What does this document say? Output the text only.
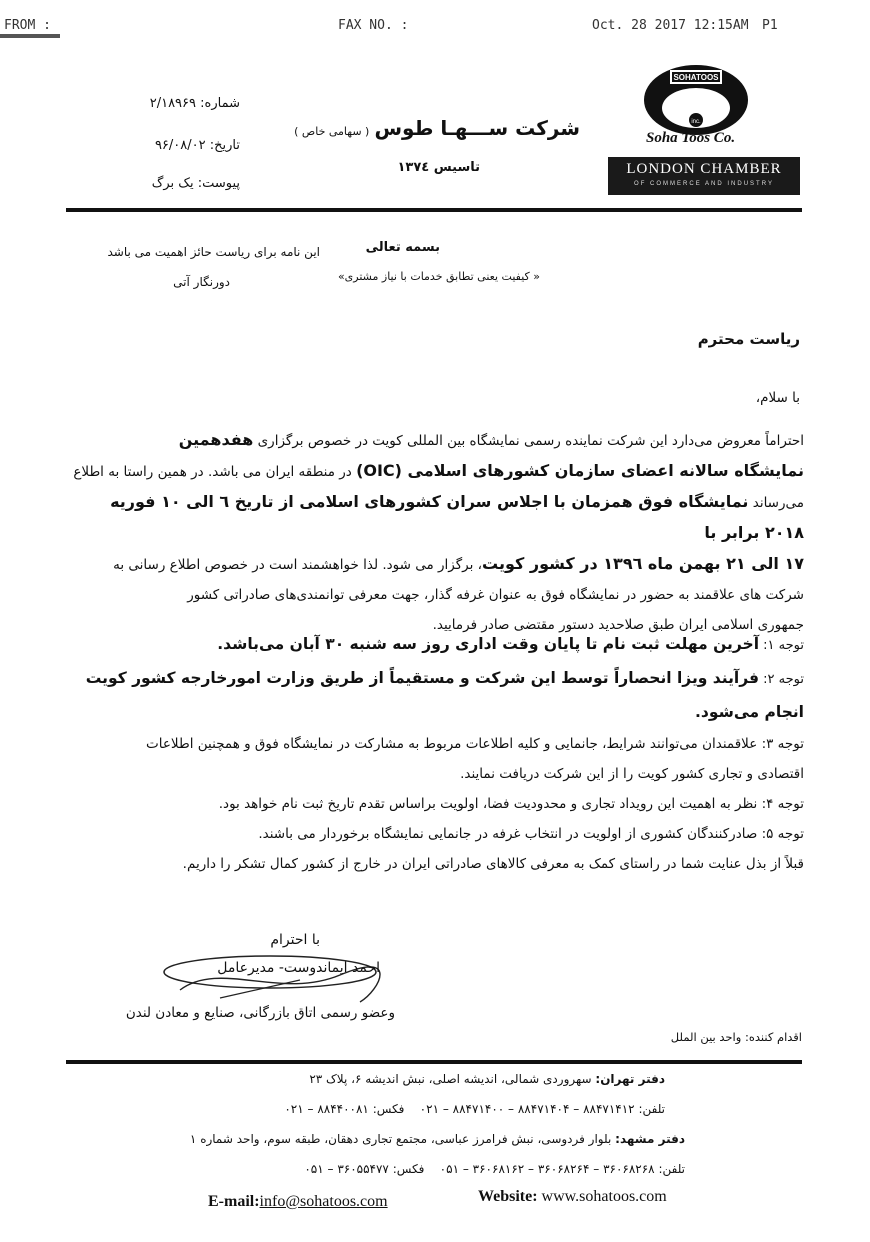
FROM :	FAX NO. :	Oct. 28 2017 12:15AM P1
SOHATOOS
inc.
Soha Toos Co.
LONDON CHAMBER
OF COMMERCE AND INDUSTRY
شرکت ســـهـا طوس ( سهامی خاص )
تاسیس ۱۳۷٤
شماره: ۲/۱۸۹۶۹
تاریخ: ۹۶/۰۸/۰۲
پیوست: یک برگ
بسمه تعالی
« کیفیت یعنی تطابق خدمات با نیاز مشتری»
این نامه برای ریاست حائز اهمیت می باشد
دورنگار آتی
ریاست محترم
با سلام،
احتراماً معروض می‌دارد این شرکت نماینده رسمی نمایشگاه بین المللی کویت در خصوص برگزاری هفدهمین
نمایشگاه سالانه اعضای سازمان کشورهای اسلامی (OIC) در منطقه ایران می باشد. در همین راستا به اطلاع
می‌رساند نمایشگاه فوق همزمان با اجلاس سران کشورهای اسلامی از تاریخ ٦ الی ۱۰ فوریه ۲۰۱۸ برابر با
۱۷ الی ۲۱ بهمن ماه ۱۳۹٦ در کشور کویت، برگزار می شود. لذا خواهشمند است در خصوص اطلاع رسانی به
شرکت های علاقمند به حضور در نمایشگاه فوق به عنوان غرفه گذار، جهت معرفی توانمندی‌های صادراتی کشور
جمهوری اسلامی ایران طبق صلاحدید دستور مقتضی صادر فرمایید.
توجه ۱: آخرین مهلت ثبت نام تا پایان وقت اداری روز سه شنبه ۳۰ آبان می‌باشد.
توجه ۲: فرآیند ویزا انحصاراً توسط این شرکت و مستقیماً از طریق وزارت امورخارجه کشور کویت
انجام می‌شود.
توجه ۳: علاقمندان می‌توانند شرایط، جانمایی و کلیه اطلاعات مربوط به مشارکت در نمایشگاه فوق و همچنین اطلاعات
اقتصادی و تجاری کشور کویت را از این شرکت دریافت نمایند.
توجه ۴: نظر به اهمیت این رویداد تجاری و محدودیت فضا، اولویت براساس تقدم تاریخ ثبت نام خواهد بود.
توجه ۵: صادرکنندگان کشوری از اولویت در انتخاب غرفه در جانمایی نمایشگاه برخوردار می باشند.
قبلاً از بذل عنایت شما در راستای کمک به معرفی کالاهای صادراتی ایران در خارج از کشور کمال تشکر را داریم.
با احترام
احمد ایماندوست- مدیرعامل
وعضو رسمی اتاق بازرگانی، صنایع و معادن لندن
اقدام کننده: واحد بین الملل
دفتر تهران: سهروردی شمالی، اندیشه اصلی، نبش اندیشه ۶، پلاک ۲۳
تلفن: ۸۸۴۷۱۴۱۲ – ۸۸۴۷۱۴۰۴ – ۸۸۴۷۱۴۰۰ – ۰۲۱    فکس: ۸۸۴۴۰۰۸۱ – ۰۲۱
دفتر مشهد: بلوار فردوسی، نبش فرامرز عباسی، مجتمع تجاری دهقان، طبقه سوم، واحد شماره ۱
تلفن: ۳۶۰۶۸۲۶۸ – ۳۶۰۶۸۲۶۴ – ۳۶۰۶۸۱۶۲ – ۰۵۱    فکس: ۳۶۰۵۵۴۷۷ – ۰۵۱
E-mail:info@sohatoos.com	Website: www.sohatoos.com
